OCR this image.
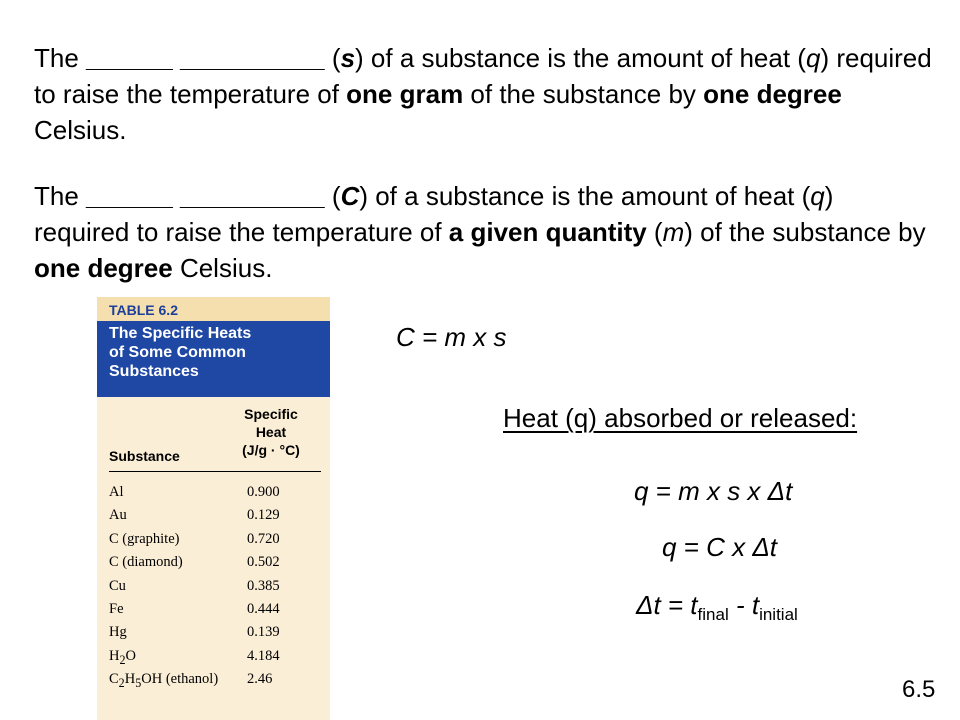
The ______ __________ (s) of a substance is the amount of heat (q) required to raise the temperature of one gram of the substance by one degree Celsius.

The ______ __________ (C) of a substance is the amount of heat (q) required to raise the temperature of a given quantity (m) of the substance by one degree Celsius.

TABLE 6.2
The Specific Heats
of Some Common
Substances
Substance
Specific
Heat
(J/g · °C)
Al	0.900
Au	0.129
C (graphite)	0.720
C (diamond)	0.502
Cu	0.385
Fe	0.444
Hg	0.139
$H_2O$	4.184
$C_2H_5OH$ (ethanol) 2.46
C = m x s
Heat (q) absorbed or released:
q = m x s x Δt
q = C x Δt
$\Delta t = t_{final} - t_{initial}$
6.5
